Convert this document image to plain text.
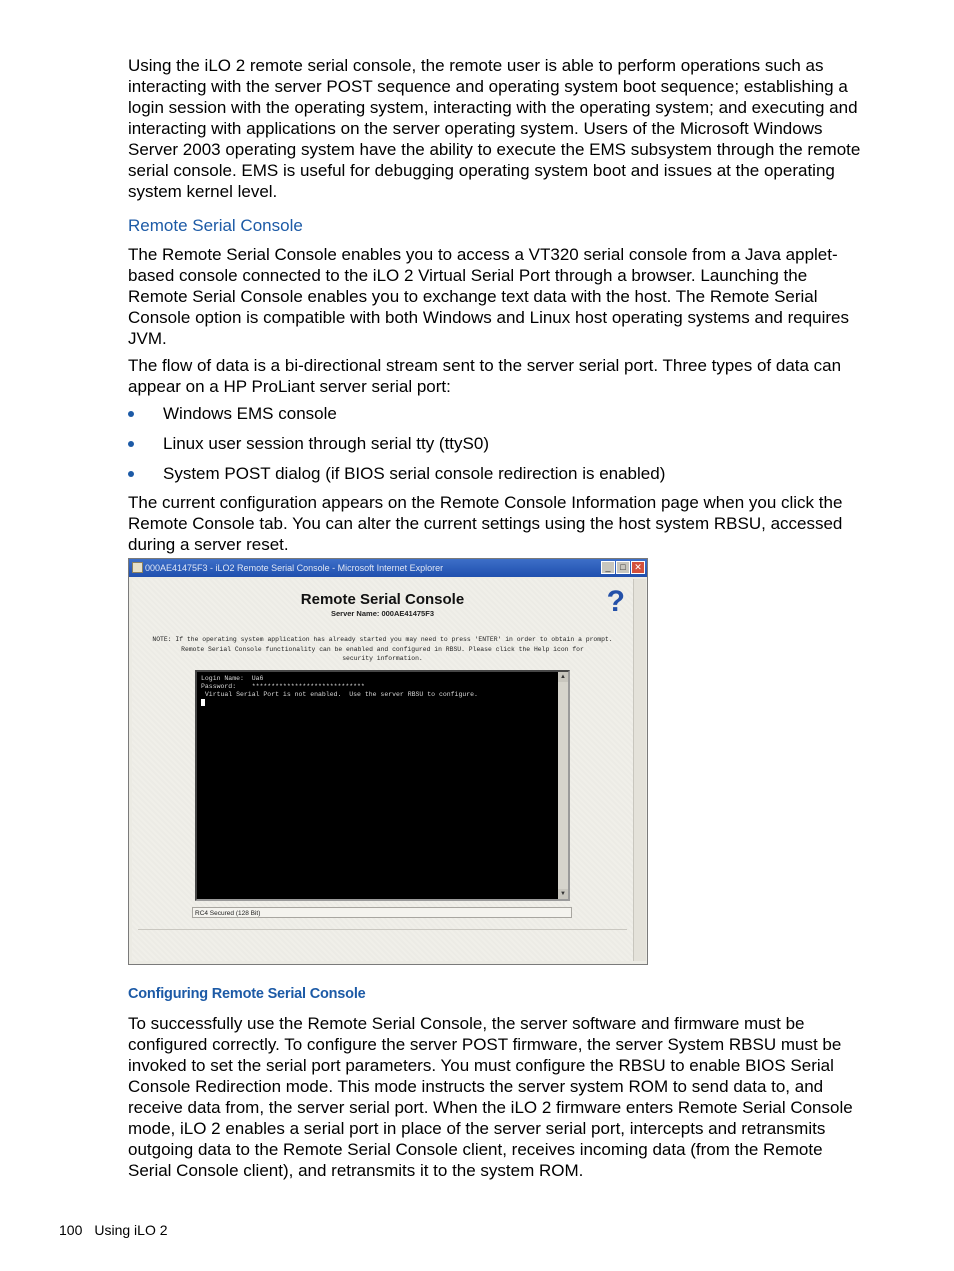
Using the iLO 2 remote serial console, the remote user is able to perform operations such as interacting with the server POST sequence and operating system boot sequence; establishing a login session with the operating system, interacting with the operating system; and executing and interacting with applications on the server operating system. Users of the Microsoft Windows Server 2003 operating system have the ability to execute the EMS subsystem through the remote serial console. EMS is useful for debugging operating system boot and issues at the operating system kernel level.

Remote Serial Console

The Remote Serial Console enables you to access a VT320 serial console from a Java applet-based console connected to the iLO 2 Virtual Serial Port through a browser. Launching the Remote Serial Console enables you to exchange text data with the host. The Remote Serial Console option is compatible with both Windows and Linux host operating systems and requires JVM.

The flow of data is a bi-directional stream sent to the server serial port. Three types of data can appear on a HP ProLiant server serial port:

Windows EMS console
Linux user session through serial tty (ttyS0)
System POST dialog (if BIOS serial console redirection is enabled)

The current configuration appears on the Remote Console Information page when you click the Remote Console tab. You can alter the current settings using the host system RBSU, accessed during a server reset.

000AE41475F3 - iLO2 Remote Serial Console - Microsoft Internet Explorer	_	□ ✕
Remote Serial Console
Server Name: 000AE41475F3	?
NOTE: If the operating system application has already started you may need to press 'ENTER' in order to obtain a prompt. Remote Serial Console functionality can be enabled and configured in RBSU. Please click the Help icon for
security information.
Login Name:  Ua6
Password:    *****************************
Virtual Serial Port is not enabled.  Use the server RBSU to configure.
▲
▼
RC4 Secured (128 Bit)
Configuring Remote Serial Console

To successfully use the Remote Serial Console, the server software and firmware must be configured correctly. To configure the server POST firmware, the server System RBSU must be invoked to set the serial port parameters. You must configure the RBSU to enable BIOS Serial Console Redirection mode. This mode instructs the server system ROM to send data to, and receive data from, the server serial port. When the iLO 2 firmware enters Remote Serial Console mode, iLO 2 enables a serial port in place of the server serial port, intercepts and retransmits outgoing data to the Remote Serial Console client, receives incoming data (from the Remote Serial Console client), and retransmits it to the system ROM.

100 Using iLO 2
